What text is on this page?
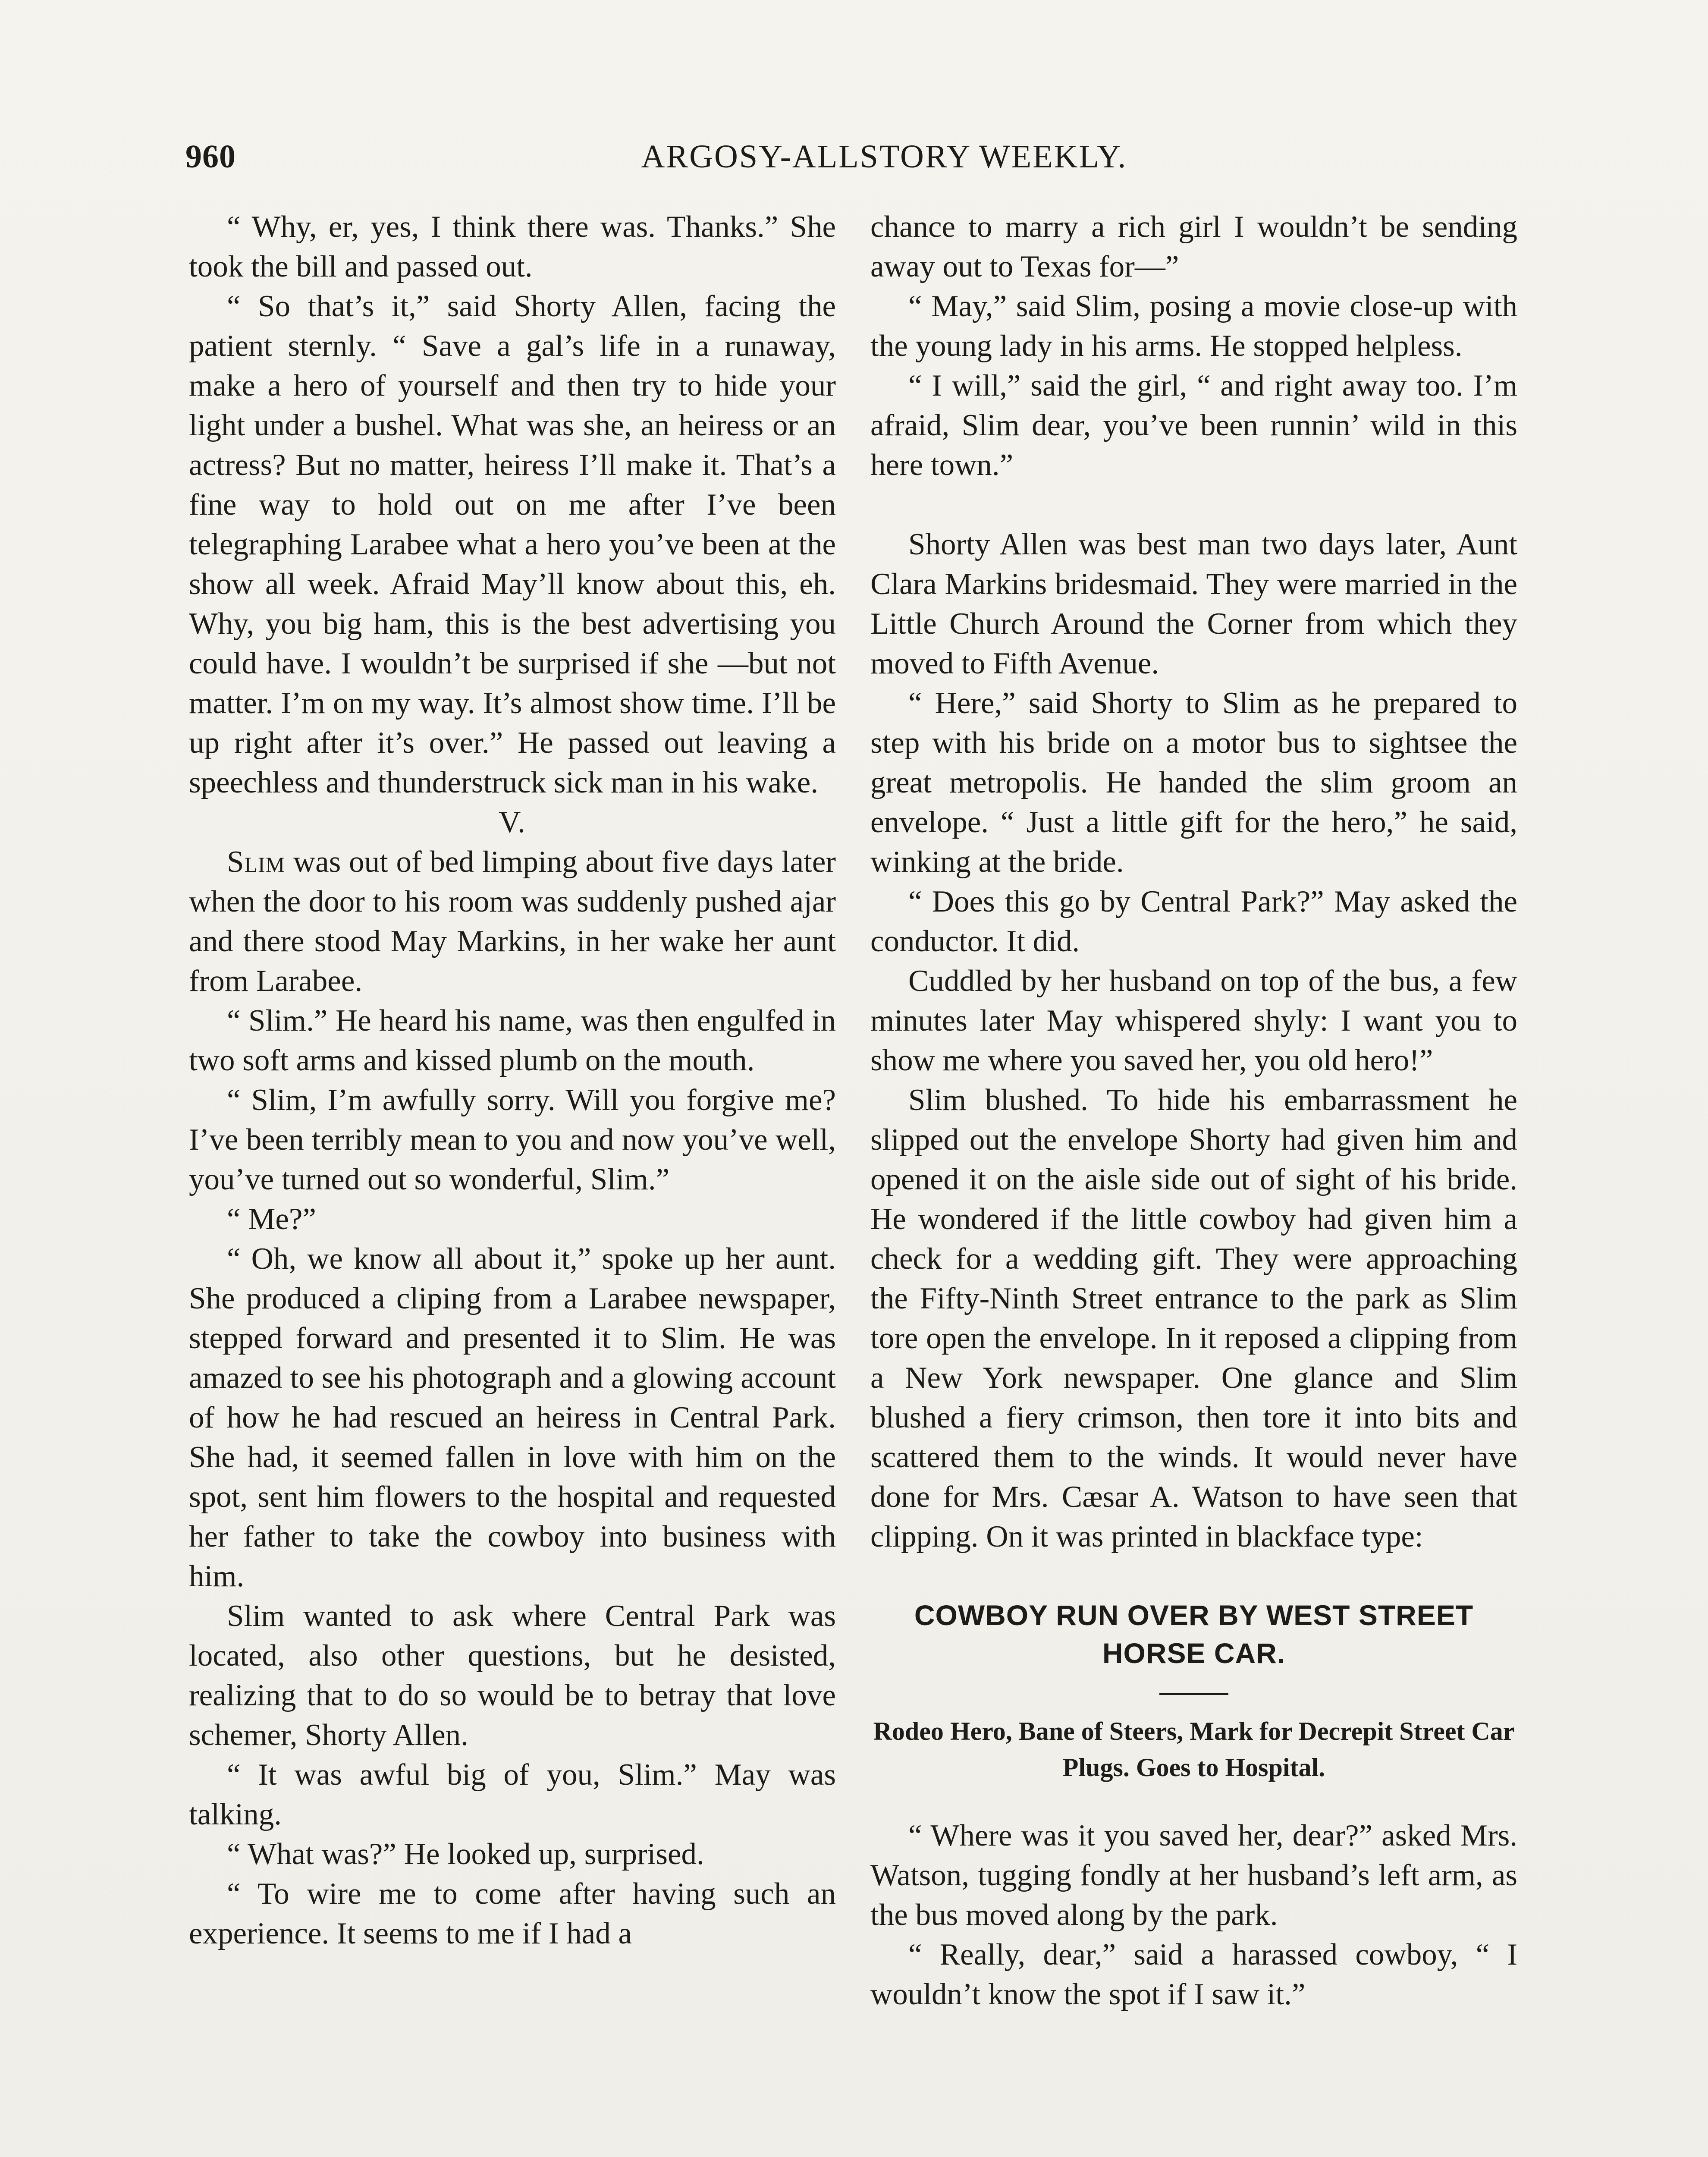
960	ARGOSY-ALLSTORY WEEKLY.

“ Why, er, yes, I think there was. Thanks.” She took the bill and passed out.

“ So that’s it,” said Shorty Allen, facing the patient sternly. “ Save a gal’s life in a runaway, make a hero of yourself and then try to hide your light under a bushel. What was she, an heiress or an actress? But no matter, heiress I’ll make it. That’s a fine way to hold out on me after I’ve been telegraphing Larabee what a hero you’ve been at the show all week. Afraid May’ll know about this, eh. Why, you big ham, this is the best advertising you could have. I wouldn’t be surprised if she —but not matter. I’m on my way. It’s almost show time. I’ll be up right after it’s over.” He passed out leaving a speechless and thunderstruck sick man in his wake.

V.

Slim was out of bed limping about five days later when the door to his room was suddenly pushed ajar and there stood May Markins, in her wake her aunt from Larabee.

“ Slim.” He heard his name, was then engulfed in two soft arms and kissed plumb on the mouth.

“ Slim, I’m awfully sorry. Will you forgive me? I’ve been terribly mean to you and now you’ve well, you’ve turned out so wonderful, Slim.”

“ Me?”

“ Oh, we know all about it,” spoke up her aunt. She produced a cliping from a Larabee newspaper, stepped forward and presented it to Slim. He was amazed to see his photograph and a glowing account of how he had rescued an heiress in Central Park. She had, it seemed fallen in love with him on the spot, sent him flowers to the hospital and requested her father to take the cowboy into business with him.

Slim wanted to ask where Central Park was located, also other questions, but he desisted, realizing that to do so would be to betray that love schemer, Shorty Allen.

“ It was awful big of you, Slim.” May was talking.

“ What was?” He looked up, surprised.

“ To wire me to come after having such an experience. It seems to me if I had a

chance to marry a rich girl I wouldn’t be sending away out to Texas for—”

“ May,” said Slim, posing a movie close-up with the young lady in his arms. He stopped helpless.

“ I will,” said the girl, “ and right away too. I’m afraid, Slim dear, you’ve been runnin’ wild in this here town.”

Shorty Allen was best man two days later, Aunt Clara Markins bridesmaid. They were married in the Little Church Around the Corner from which they moved to Fifth Avenue.

“ Here,” said Shorty to Slim as he prepared to step with his bride on a motor bus to sightsee the great metropolis. He handed the slim groom an envelope. “ Just a little gift for the hero,” he said, winking at the bride.

“ Does this go by Central Park?” May asked the conductor. It did.

Cuddled by her husband on top of the bus, a few minutes later May whispered shyly: I want you to show me where you saved her, you old hero!”

Slim blushed. To hide his embarrassment he slipped out the envelope Shorty had given him and opened it on the aisle side out of sight of his bride. He wondered if the little cowboy had given him a check for a wedding gift. They were approaching the Fifty-Ninth Street entrance to the park as Slim tore open the envelope. In it reposed a clipping from a New York newspaper. One glance and Slim blushed a fiery crimson, then tore it into bits and scattered them to the winds. It would never have done for Mrs. Cæsar A. Watson to have seen that clipping. On it was printed in blackface type:

COWBOY RUN OVER BY WEST STREET HORSE CAR.
Rodeo Hero, Bane of Steers, Mark for Decrepit Street Car Plugs. Goes to Hospital.

“ Where was it you saved her, dear?” asked Mrs. Watson, tugging fondly at her husband’s left arm, as the bus moved along by the park.

“ Really, dear,” said a harassed cowboy, “ I wouldn’t know the spot if I saw it.”
